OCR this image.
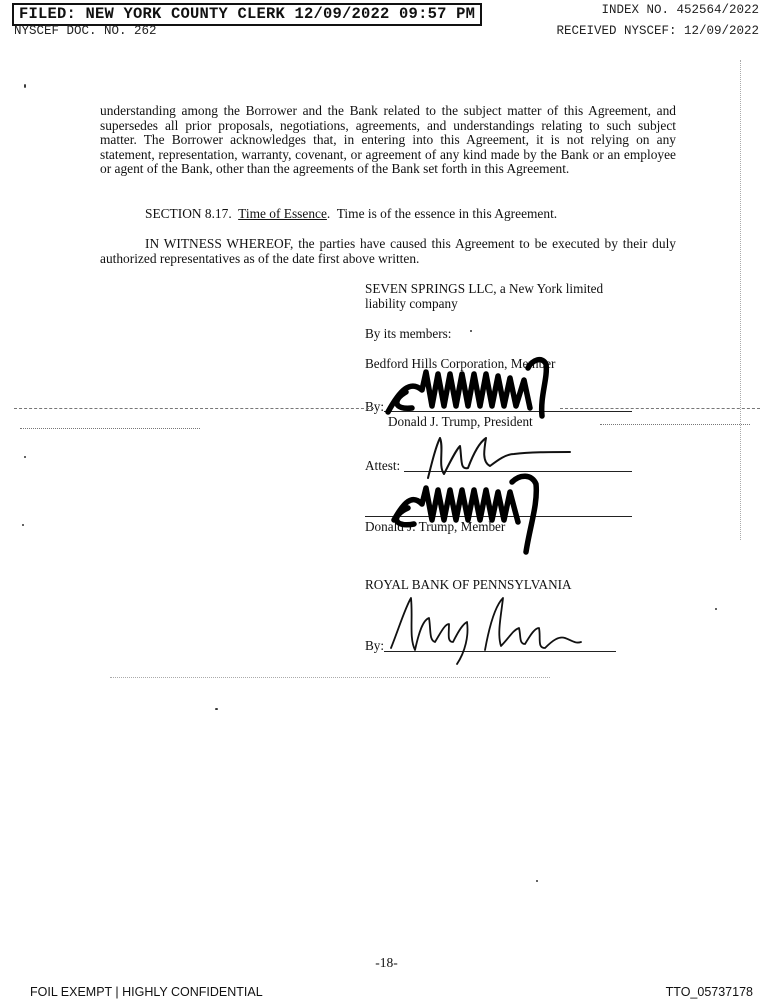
FILED: NEW YORK COUNTY CLERK 12/09/2022 09:57 PM	INDEX NO. 452564/2022
NYSCEF DOC. NO. 262	RECEIVED NYSCEF: 12/09/2022
understanding among the Borrower and the Bank related to the subject matter of this Agreement, and supersedes all prior proposals, negotiations, agreements, and understandings relating to such subject matter. The Borrower acknowledges that, in entering into this Agreement, it is not relying on any statement, representation, warranty, covenant, or agreement of any kind made by the Bank or an employee or agent of the Bank, other than the agreements of the Bank set forth in this Agreement.
SECTION 8.17. Time of Essence.  Time is of the essence in this Agreement.
IN WITNESS WHEREOF, the parties have caused this Agreement to be executed by their duly authorized representatives as of the date first above written.
SEVEN SPRINGS LLC, a New York limited
liability company
By its members:
Bedford Hills Corporation, Member
By:
Donald J. Trump, President
Attest:
Donald J. Trump, Member
ROYAL BANK OF PENNSYLVANIA
By:
-18-
FOIL EXEMPT | HIGHLY CONFIDENTIAL	TTO_05737178
